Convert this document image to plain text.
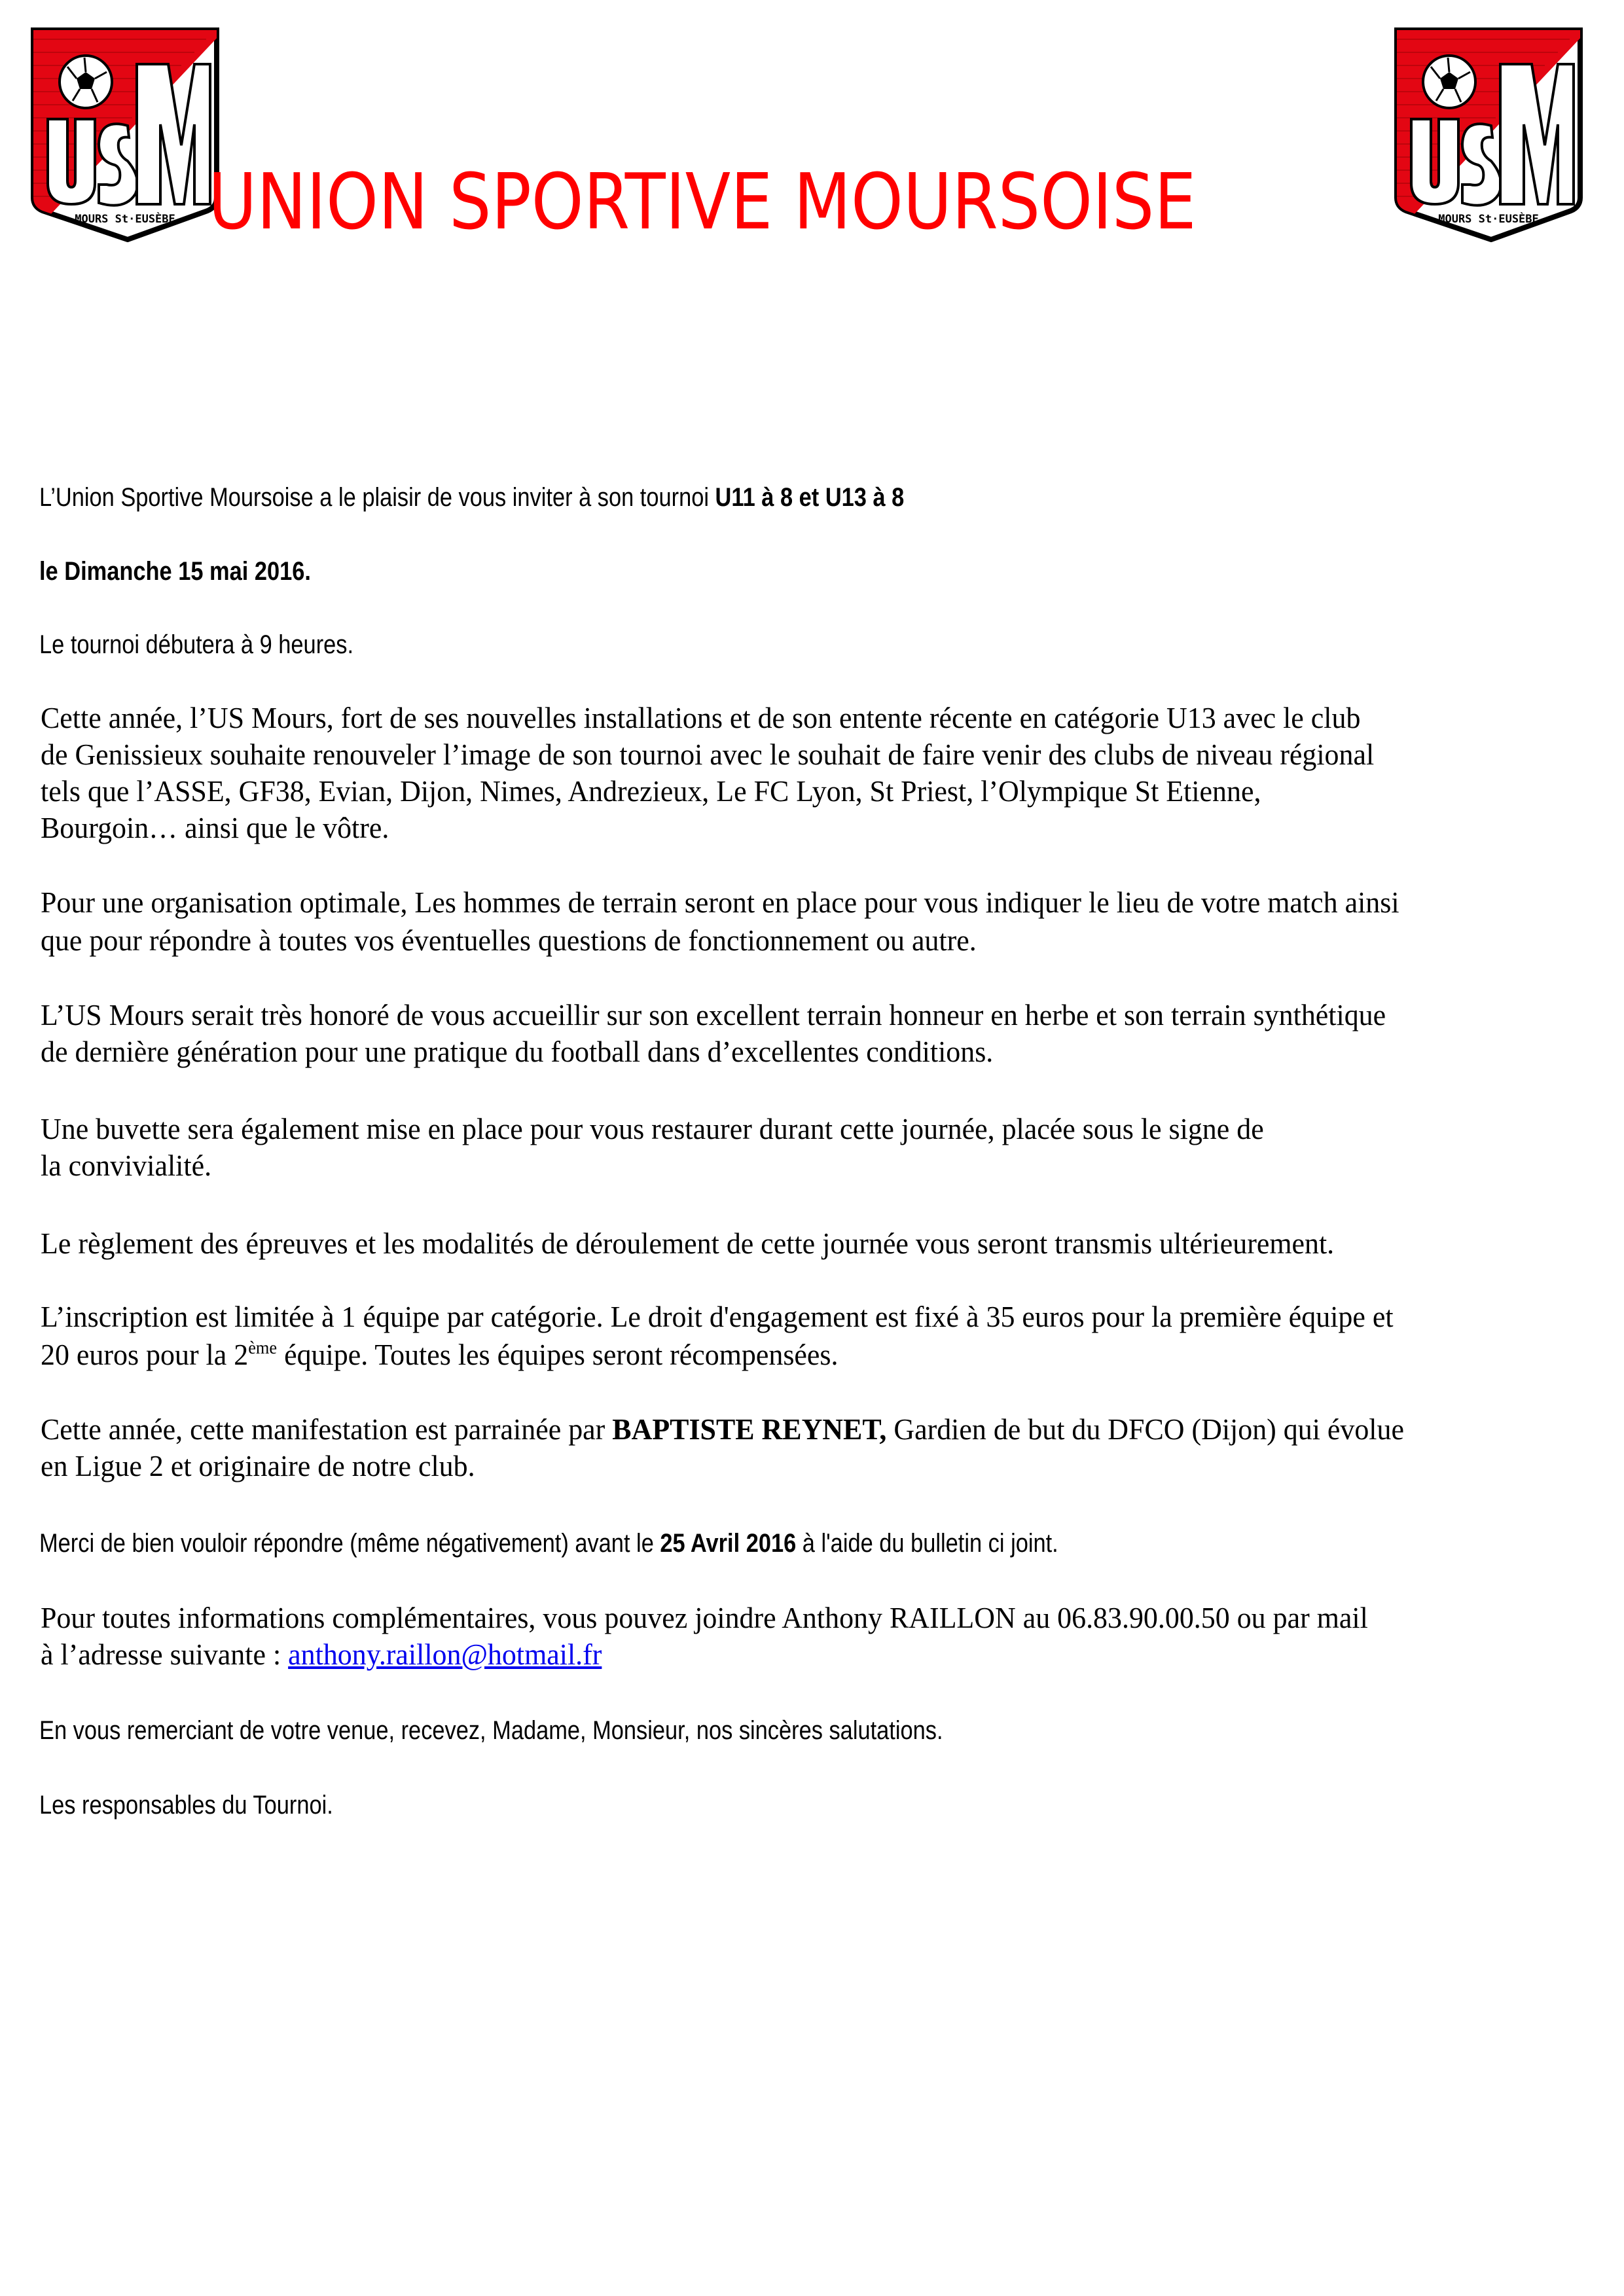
MOURS St·EUSÈBE	MOURS St·EUSÈBE
UNION SPORTIVE MOURSOISE
L’Union Sportive Moursoise a le plaisir de vous inviter à son tournoi U11 à 8 et U13 à 8
le Dimanche 15 mai 2016.
Le tournoi débutera à 9 heures.
Cette année, l’US Mours, fort de ses nouvelles installations et de son entente récente en catégorie U13 avec le club
de Genissieux souhaite renouveler l’image de son tournoi avec le souhait de faire venir des clubs de niveau régional
tels que l’ASSE, GF38, Evian, Dijon, Nimes, Andrezieux, Le FC Lyon, St Priest, l’Olympique St Etienne,
Bourgoin… ainsi que le vôtre.
Pour une organisation optimale, Les hommes de terrain seront en place pour vous indiquer le lieu de votre match ainsi
que pour répondre à toutes vos éventuelles questions de fonctionnement ou autre.
L’US Mours serait très honoré de vous accueillir sur son excellent terrain honneur en herbe et son terrain synthétique
de dernière génération pour une pratique du football dans d’excellentes conditions.
Une buvette sera également mise en place pour vous restaurer durant cette journée, placée sous le signe de
la convivialité.
Le règlement des épreuves et les modalités de déroulement de cette journée vous seront transmis ultérieurement.
L’inscription est limitée à 1 équipe par catégorie. Le droit d'engagement est fixé à 35 euros pour la première équipe et
20 euros pour la 2ème équipe. Toutes les équipes seront récompensées.
Cette année, cette manifestation est parrainée par BAPTISTE REYNET, Gardien de but du DFCO (Dijon) qui évolue
en Ligue 2 et originaire de notre club.
Merci de bien vouloir répondre (même négativement) avant le 25 Avril 2016 à l'aide du bulletin ci joint.
Pour toutes informations complémentaires, vous pouvez joindre Anthony RAILLON au 06.83.90.00.50 ou par mail
à l’adresse suivante : anthony.raillon@hotmail.fr
En vous remerciant de votre venue, recevez, Madame, Monsieur, nos sincères salutations.
Les responsables du Tournoi.
